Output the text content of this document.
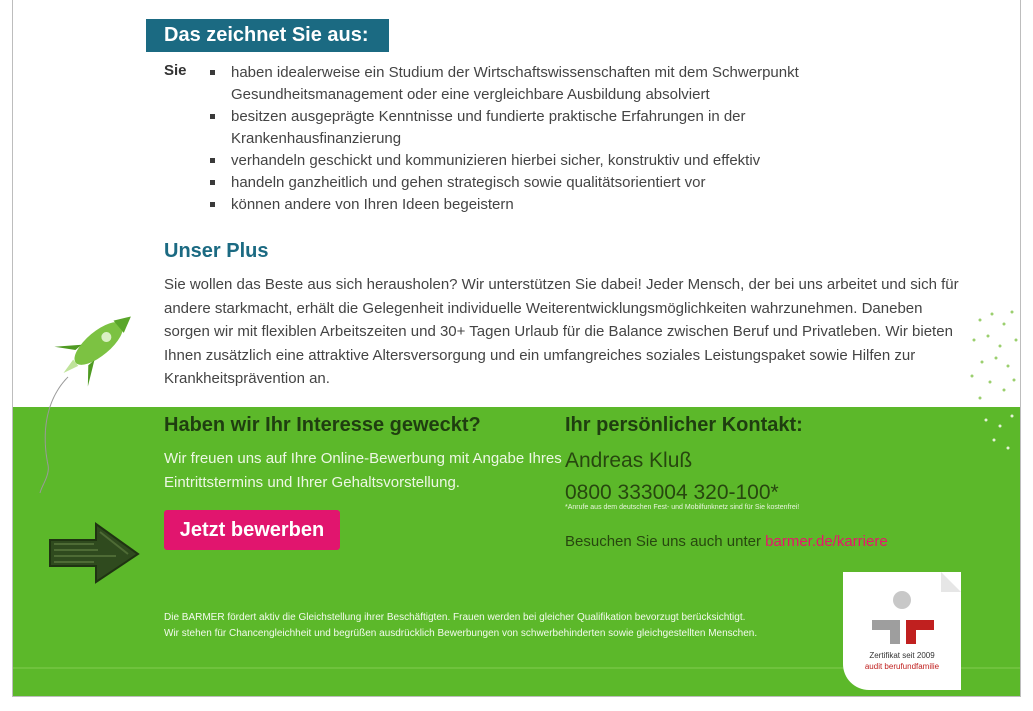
Das zeichnet Sie aus:
Sie	haben idealerweise ein Studium der Wirtschaftswissenschaften mit dem Schwerpunkt Gesundheitsmanagement oder eine vergleichbare Ausbildung absolviert
besitzen ausgeprägte Kenntnisse und fundierte praktische Erfahrungen in der Krankenhausfinanzierung
verhandeln geschickt und kommunizieren hierbei sicher, konstruktiv und effektiv
handeln ganzheitlich und gehen strategisch sowie qualitätsorientiert vor
können andere von Ihren Ideen begeistern
Unser Plus
Sie wollen das Beste aus sich herausholen? Wir unterstützen Sie dabei! Jeder Mensch, der bei uns arbeitet und sich für andere starkmacht, erhält die Gelegenheit individuelle Weiterentwicklungsmöglichkeiten wahrzunehmen. Daneben sorgen wir mit flexiblen Arbeitszeiten und 30+ Tagen Urlaub für die Balance zwischen Beruf und Privatleben. Wir bieten Ihnen zusätzlich eine attraktive Altersversorgung und ein umfangreiches soziales Leistungspaket sowie Hilfen zur Krankheitsprävention an.
Haben wir Ihr Interesse geweckt?
Wir freuen uns auf Ihre Online-Bewerbung mit Angabe Ihres Eintrittstermins und Ihrer Gehaltsvorstellung.
Jetzt bewerben
Ihr persönlicher Kontakt:
Andreas Kluß
0800 333004 320-100*
*Anrufe aus dem deutschen Fest- und Mobilfunknetz sind für Sie kostenfrei!
Besuchen Sie uns auch unter barmer.de/karriere
Die BARMER fördert aktiv die Gleichstellung ihrer Beschäftigten. Frauen werden bei gleicher Qualifikation bevorzugt berücksichtigt.
Wir stehen für Chancengleichheit und begrüßen ausdrücklich Bewerbungen von schwerbehinderten sowie gleichgestellten Menschen.
Zertifikat seit 2009
audit berufundfamilie
